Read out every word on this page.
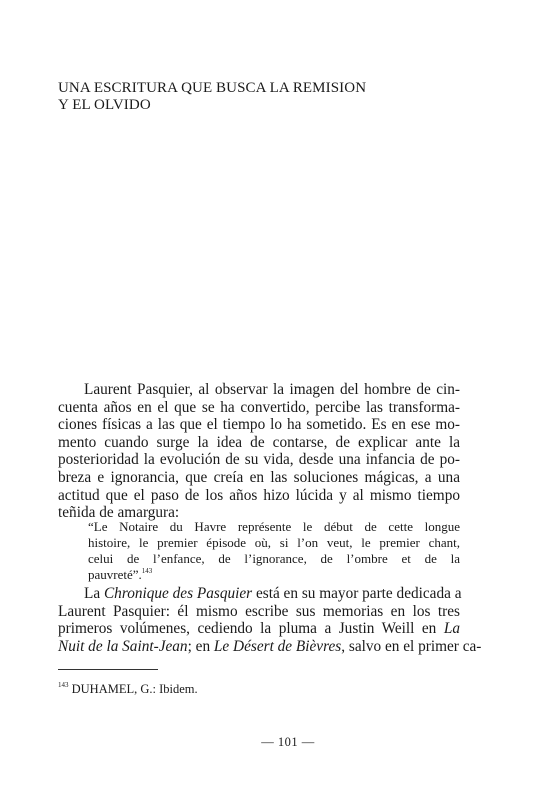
UNA ESCRITURA QUE BUSCA LA REMISION
Y EL OLVIDO
Laurent Pasquier, al observar la imagen del hombre de cin-
cuenta años en el que se ha convertido, percibe las transforma-
ciones físicas a las que el tiempo lo ha sometido. Es en ese mo-
mento cuando surge la idea de contarse, de explicar ante la
posterioridad la evolución de su vida, desde una infancia de po-
breza e ignorancia, que creía en las soluciones mágicas, a una
actitud que el paso de los años hizo lúcida y al mismo tiempo
teñida de amargura:
“Le Notaire du Havre représente le début de cette longue
histoire, le premier épisode où, si l’on veut, le premier chant,
celui de l’enfance, de l’ignorance, de l’ombre et de la
pauvreté”.$^{143}$
La Chronique des Pasquier está en su mayor parte dedicada a
Laurent Pasquier: él mismo escribe sus memorias en los tres
primeros volúmenes, cediendo la pluma a Justin Weill en La
Nuit de la Saint-Jean; en Le Désert de Bièvres, salvo en el primer ca-
$^{143}$ DUHAMEL, G.: Ibidem.
— 101 —
